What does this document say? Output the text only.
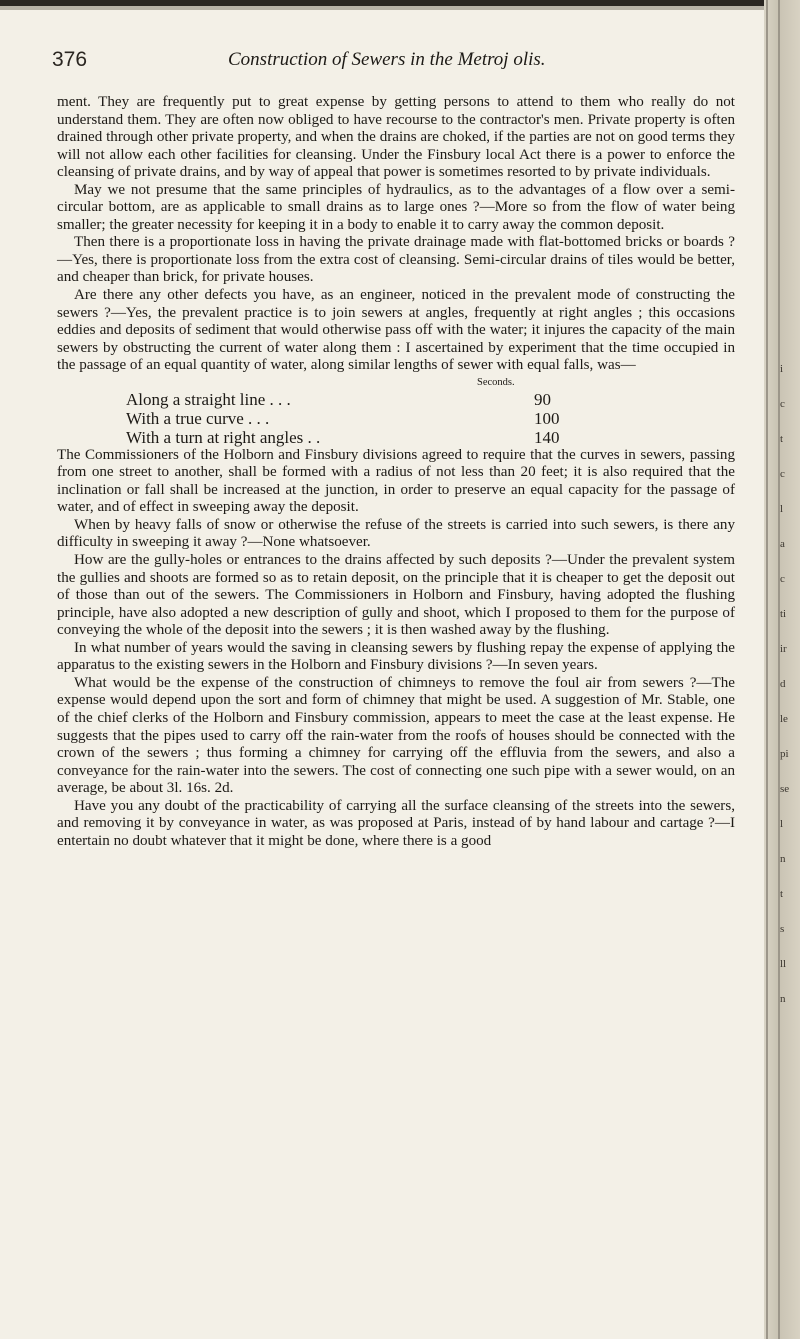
i
c
t
c
l
a
c
ti
ir
d
le
pi
se
l
n
t
s
ll
n
376	Construction of Sewers in the Metroj olis.

ment. They are frequently put to great expense by getting persons to attend to them who really do not understand them. They are often now obliged to have recourse to the contractor's men. Private property is often drained through other private property, and when the drains are choked, if the parties are not on good terms they will not allow each other facilities for cleansing. Under the Finsbury local Act there is a power to enforce the cleansing of private drains, and by way of appeal that power is sometimes resorted to by private individuals.

May we not presume that the same principles of hydraulics, as to the advantages of a flow over a semi-circular bottom, are as applicable to small drains as to large ones ?—More so from the flow of water being smaller; the greater necessity for keeping it in a body to enable it to carry away the common deposit.

Then there is a proportionate loss in having the private drainage made with flat-bottomed bricks or boards ?—Yes, there is proportionate loss from the extra cost of cleansing. Semi-circular drains of tiles would be better, and cheaper than brick, for private houses.

Are there any other defects you have, as an engineer, noticed in the prevalent mode of constructing the sewers ?—Yes, the prevalent practice is to join sewers at angles, frequently at right angles ; this occasions eddies and deposits of sediment that would otherwise pass off with the water; it injures the capacity of the main sewers by obstructing the current of water along them : I ascertained by experiment that the time occupied in the passage of an equal quantity of water, along similar lengths of sewer with equal falls, was—

Seconds.

Along a straight line . . .	90
With a true curve . . .	100
With a turn at right angles . .	140

The Commissioners of the Holborn and Finsbury divisions agreed to require that the curves in sewers, passing from one street to another, shall be formed with a radius of not less than 20 feet; it is also required that the inclination or fall shall be increased at the junction, in order to preserve an equal capacity for the passage of water, and of effect in sweeping away the deposit.

When by heavy falls of snow or otherwise the refuse of the streets is carried into such sewers, is there any difficulty in sweeping it away ?—None whatsoever.

How are the gully-holes or entrances to the drains affected by such deposits ?—Under the prevalent system the gullies and shoots are formed so as to retain deposit, on the principle that it is cheaper to get the deposit out of those than out of the sewers. The Commissioners in Holborn and Finsbury, having adopted the flushing principle, have also adopted a new description of gully and shoot, which I proposed to them for the purpose of conveying the whole of the deposit into the sewers ; it is then washed away by the flushing.

In what number of years would the saving in cleansing sewers by flushing repay the expense of applying the apparatus to the existing sewers in the Holborn and Finsbury divisions ?—In seven years.

What would be the expense of the construction of chimneys to remove the foul air from sewers ?—The expense would depend upon the sort and form of chimney that might be used. A suggestion of Mr. Stable, one of the chief clerks of the Holborn and Finsbury commission, appears to meet the case at the least expense. He suggests that the pipes used to carry off the rain-water from the roofs of houses should be connected with the crown of the sewers ; thus forming a chimney for carrying off the effluvia from the sewers, and also a conveyance for the rain-water into the sewers. The cost of connecting one such pipe with a sewer would, on an average, be about 3l. 16s. 2d.

Have you any doubt of the practicability of carrying all the surface cleansing of the streets into the sewers, and removing it by conveyance in water, as was proposed at Paris, instead of by hand labour and cartage ?—I entertain no doubt whatever that it might be done, where there is a good
